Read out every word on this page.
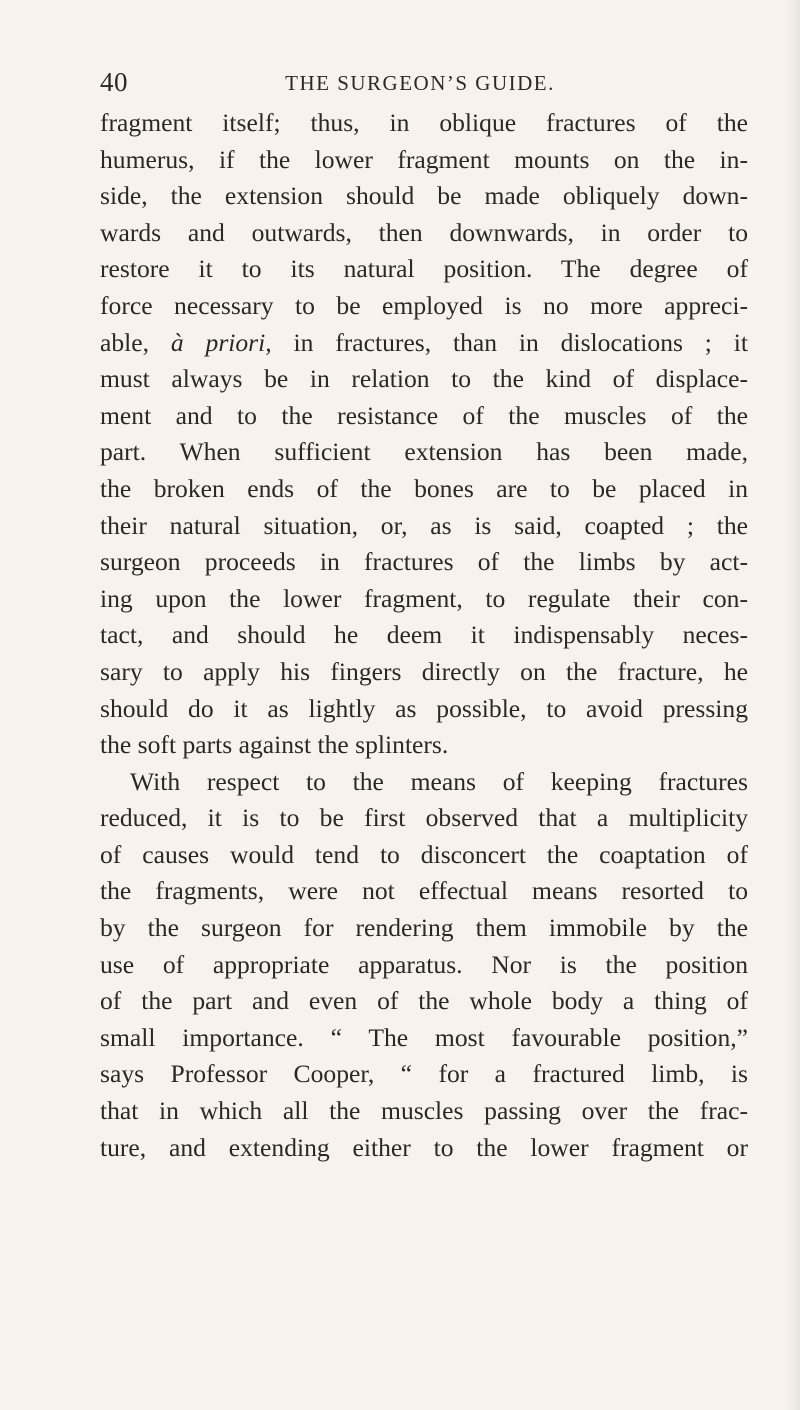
40	THE SURGEON’S GUIDE.
fragment itself; thus, in oblique fractures of the
humerus, if the lower fragment mounts on the in-
side, the extension should be made obliquely down-
wards and outwards, then downwards, in order to
restore it to its natural position. The degree of
force necessary to be employed is no more appreci-
able, à priori, in fractures, than in dislocations ; it
must always be in relation to the kind of displace-
ment and to the resistance of the muscles of the
part. When sufficient extension has been made,
the broken ends of the bones are to be placed in
their natural situation, or, as is said, coapted ; the
surgeon proceeds in fractures of the limbs by act-
ing upon the lower fragment, to regulate their con-
tact, and should he deem it indispensably neces-
sary to apply his fingers directly on the fracture, he
should do it as lightly as possible, to avoid pressing
the soft parts against the splinters.
With respect to the means of keeping fractures
reduced, it is to be first observed that a multiplicity
of causes would tend to disconcert the coaptation of
the fragments, were not effectual means resorted to
by the surgeon for rendering them immobile by the
use of appropriate apparatus. Nor is the position
of the part and even of the whole body a thing of
small importance. “ The most favourable position,”
says Professor Cooper, “ for a fractured limb, is
that in which all the muscles passing over the frac-
ture, and extending either to the lower fragment or
